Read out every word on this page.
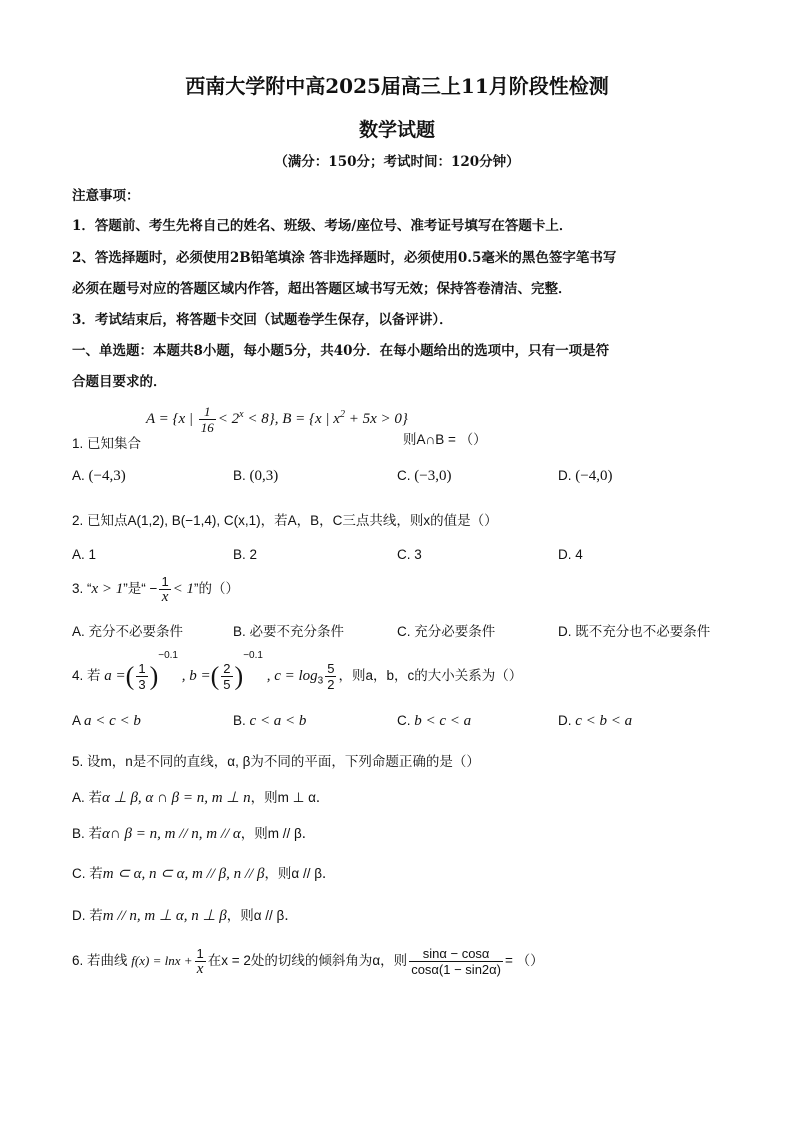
西南大学附中高2025届高三上11月阶段性检测
数学试题
（满分：150分；考试时间：120分钟）
注意事项：
1．答题前、考生先将自己的姓名、班级、考场/座位号、准考证号填写在答题卡上．
2、答选择题时，必须使用2B铅笔填涂 答非选择题时，必须使用0.5毫米的黑色签字笔书写
必须在题号对应的答题区域内作答，超出答题区域书写无效；保持答卷清洁、完整．
3．考试结束后，将答题卡交回（试题卷学生保存，以备评讲）．
一、单选题：本题共8小题，每小题5分，共40分．在每小题给出的选项中，只有一项是符
合题目要求的．
1. 已知集合
A = {x | $\frac{1}{16} < 2^x < 8$}, B = {x | $x^2 + 5x > 0$}
则A∩B = （）
A. (−4,3)	B. (0,3)	C. (−3,0)	D. (−4,0)
2. 已知点A(1,2), B(−1,4), C(x,1)，若A，B，C三点共线，则x的值是（）
A. 1	B. 2	C. 3	D. 4
3. “x > 1”是“ − $\frac{1}{x} < 1$”的（）
A. 充分不必要条件	B. 必要不充分条件	C. 充分必要条件	D. 既不充分也不必要条件
4. 若 a =( $\frac{1}{3} )^{-0.1}$ , b =( $\frac{2}{5} )^{-0.1}$ , $c = \log_3 \frac{5}{2}$ ，则a，b，c的大小关系为（）
A a < c < b	B. c < a < b	C. b < c < a	D. c < b < a
5. 设m，n是不同的直线，α, β为不同的平面，下列命题正确的是（）
A. 若α ⊥ β, α ∩ β = n, m ⊥ n，则m ⊥ α．
B. 若α∩ β = n, m // n, m // α，则m // β．
C. 若m ⊂ α, n ⊂ α, m // β, n // β，则α // β．
D. 若m // n, m ⊥ α, n ⊥ β，则α // β．
6. 若曲线 $f(x) = \ln x + \frac{1}{x}$ 在x = 2处的切线的倾斜角为α，则 $\frac{\sin\alpha - \cos\alpha}{\cos\alpha(1 - \sin 2\alpha)}$ = （）
